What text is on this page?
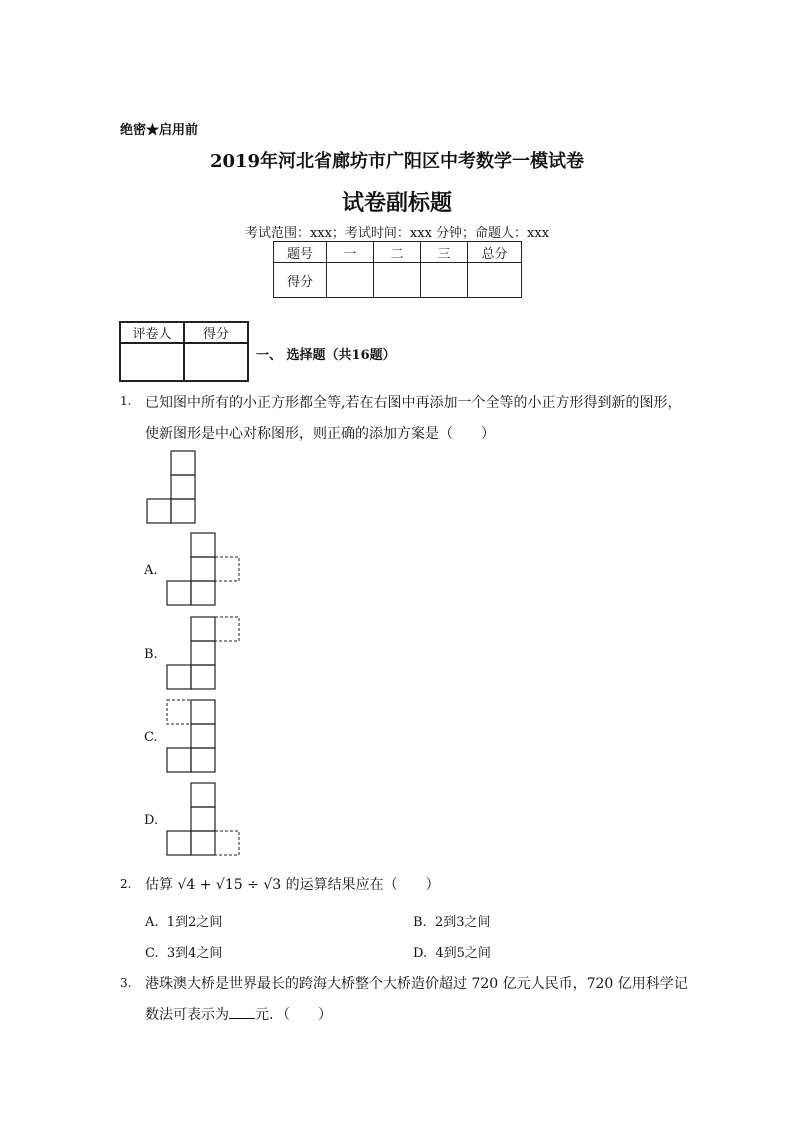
绝密★启用前
2019年河北省廊坊市广阳区中考数学一模试卷
试卷副标题
考试范围：xxx；考试时间：xxx 分钟；命题人：xxx
题号	一	二	三	总分
得分				
评卷人	得分

一、 选择题（共16题）
1. 已知图中所有的小正方形都全等,若在右图中再添加一个全等的小正方形得到新的图形，
使新图形是中心对称图形，则正确的添加方案是（　　）
A.
B.
C.
D.
2. 估算 √4 + √15 ÷ √3 的运算结果应在（　　）
A. 1到2之间	B. 2到3之间
C. 3到4之间	D. 4到5之间
3. 港珠澳大桥是世界最长的跨海大桥整个大桥造价超过 720 亿元人民币，720 亿用科学记
数法可表示为 元．（　　）
